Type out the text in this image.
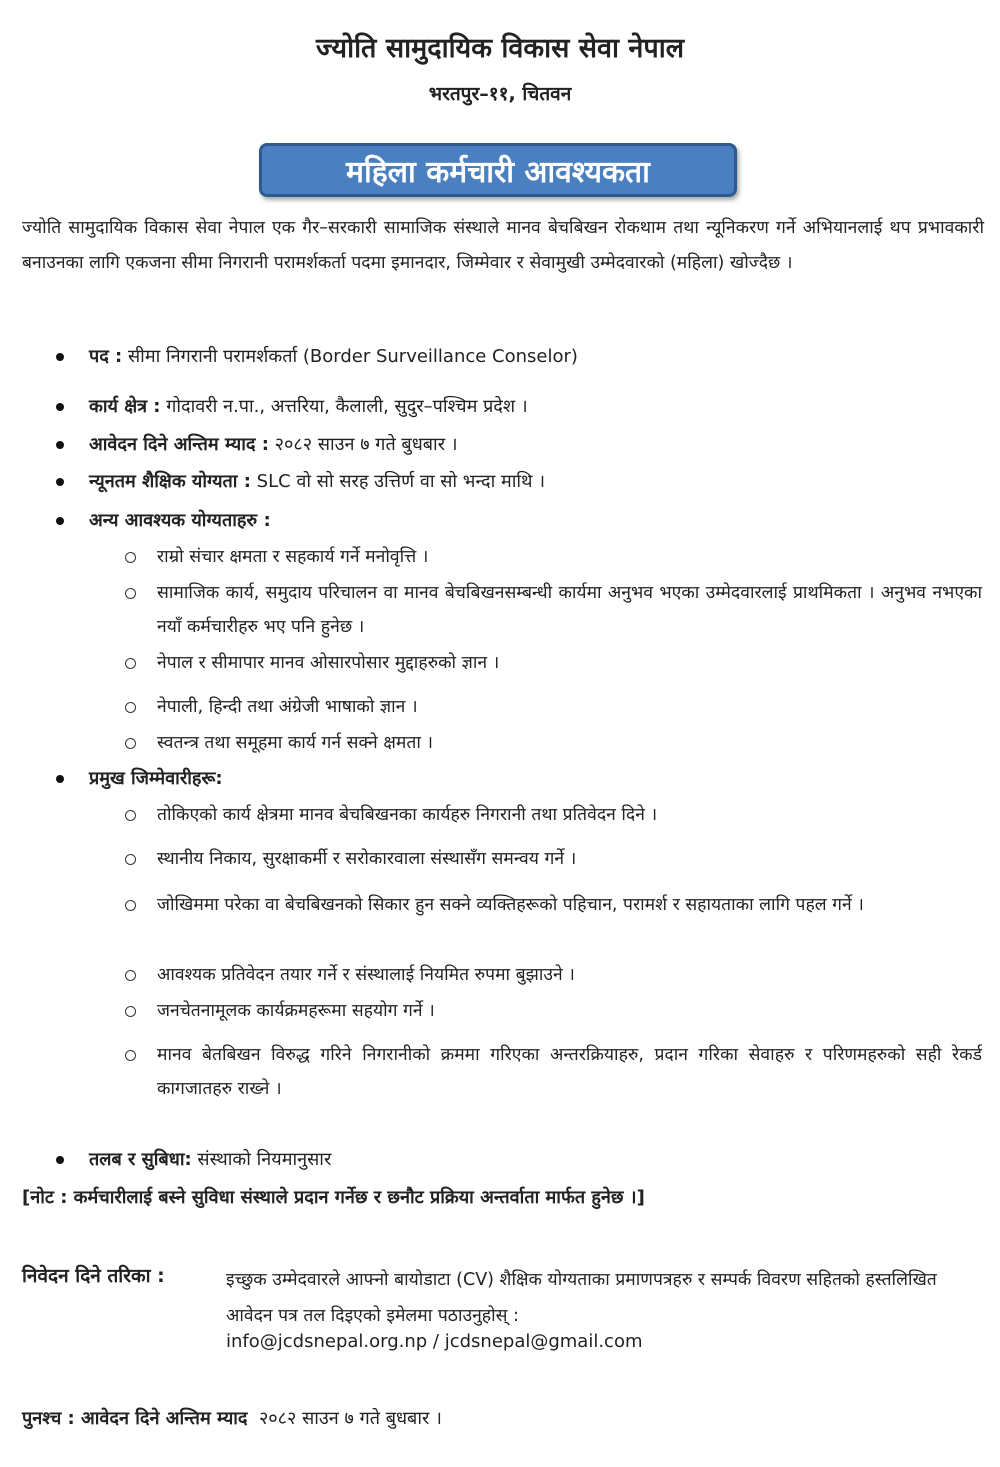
ज्योति सामुदायिक विकास सेवा नेपाल
भरतपुर–११, चितवन
महिला कर्मचारी आवश्यकता

ज्योति सामुदायिक विकास सेवा नेपाल एक गैर–सरकारी सामाजिक संस्थाले मानव बेचबिखन रोकथाम तथा न्यूनिकरण गर्ने अभियानलाई थप प्रभावकारी बनाउनका लागि एकजना सीमा निगरानी परामर्शकर्ता पदमा इमानदार, जिम्मेवार र सेवामुखी उम्मेदवारको (महिला) खोज्दैछ ।

पद : सीमा निगरानी परामर्शकर्ता (Border Surveillance Conselor)
कार्य क्षेत्र : गोदावरी न.पा., अत्तरिया, कैलाली, सुदुर–पश्चिम प्रदेश ।
आवेदन दिने अन्तिम म्याद : २०८२ साउन ७ गते बुधबार ।
न्यूनतम शैक्षिक योग्यता : SLC वो सो सरह उत्तिर्ण वा सो भन्दा माथि ।
अन्य आवश्यक योग्यताहरु :
राम्रो संचार क्षमता र सहकार्य गर्ने मनोवृत्ति ।
सामाजिक कार्य, समुदाय परिचालन वा मानव बेचबिखनसम्बन्धी कार्यमा अनुभव भएका उम्मेदवारलाई प्राथमिकता । अनुभव नभएका नयाँ कर्मचारीहरु भए पनि हुनेछ ।
नेपाल र सीमापार मानव ओसारपोसार मुद्दाहरुको ज्ञान ।
नेपाली, हिन्दी तथा अंग्रेजी भाषाको ज्ञान ।
स्वतन्त्र तथा समूहमा कार्य गर्न सक्ने क्षमता ।
प्रमुख जिम्मेवारीहरू:
तोकिएको कार्य क्षेत्रमा मानव बेचबिखनका कार्यहरु निगरानी तथा प्रतिवेदन दिने ।
स्थानीय निकाय, सुरक्षाकर्मी र सरोकारवाला संस्थासँग समन्वय गर्ने ।
जोखिममा परेका वा बेचबिखनको सिकार हुन सक्ने व्यक्तिहरूको पहिचान, परामर्श र सहायताका लागि पहल गर्ने ।
आवश्यक प्रतिवेदन तयार गर्ने र संस्थालाई नियमित रुपमा बुझाउने ।
जनचेतनामूलक कार्यक्रमहरूमा सहयोग गर्ने ।
मानव बेतबिखन विरुद्ध गरिने निगरानीको क्रममा गरिएका अन्तरक्रियाहरु, प्रदान गरिका सेवाहरु र परिणमहरुको सही रेकर्ड कागजातहरु राख्ने ।
तलब र सुबिधा: संस्थाको नियमानुसार
[नोट : कर्मचारीलाई बस्ने सुविधा संस्थाले प्रदान गर्नेछ र छनौट प्रक्रिया अन्तर्वाता मार्फत हुनेछ ।]
निवेदन दिने तरिका :	इच्छुक उम्मेदवारले आफ्नो बायोडाटा (CV) शैक्षिक योग्यताका प्रमाणपत्रहरु र सम्पर्क विवरण सहितको हस्तलिखित आवेदन पत्र तल दिइएको इमेलमा पठाउनुहोस् :
info@jcdsnepal.org.np / jcdsnepal@gmail.com
पुनश्च : आवेदन दिने अन्तिम म्याद २०८२ साउन ७ गते बुधबार ।
